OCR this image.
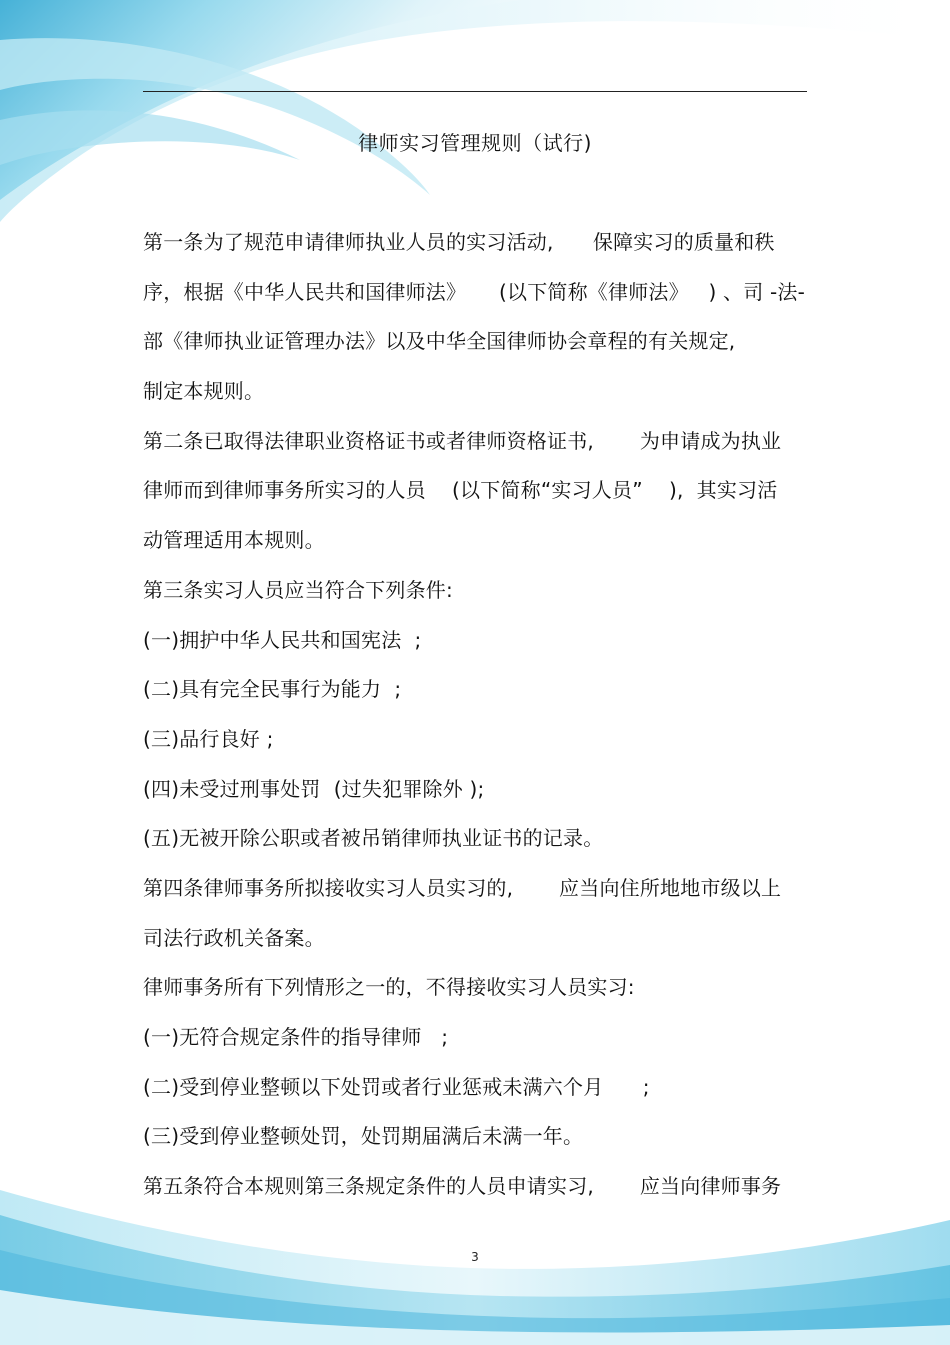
律师实习管理规则（试行)
第一条为了规范申请律师执业人员的实习活动,      保障实习的质量和秩
序，根据《中华人民共和国律师法》     (以下简称《律师法》   ) 、司 -法-
部《律师执业证管理办法》以及中华全国律师协会章程的有关规定,
制定本规则。
第二条已取得法律职业资格证书或者律师资格证书,       为申请成为执业
律师而到律师事务所实习的人员    (以下简称“实习人员”    ),  其实习活
动管理适用本规则。
第三条实习人员应当符合下列条件:
(一)拥护中华人民共和国宪法  ;
(二)具有完全民事行为能力  ;
(三)品行良好 ;
(四)未受过刑事处罚  (过失犯罪除外 );
(五)无被开除公职或者被吊销律师执业证书的记录。
第四条律师事务所拟接收实习人员实习的,       应当向住所地地市级以上
司法行政机关备案。
律师事务所有下列情形之一的，不得接收实习人员实习:
(一)无符合规定条件的指导律师   ;
(二)受到停业整顿以下处罚或者行业惩戒未满六个月      ;
(三)受到停业整顿处罚，处罚期届满后未满一年。
第五条符合本规则第三条规定条件的人员申请实习,       应当向律师事务
3
